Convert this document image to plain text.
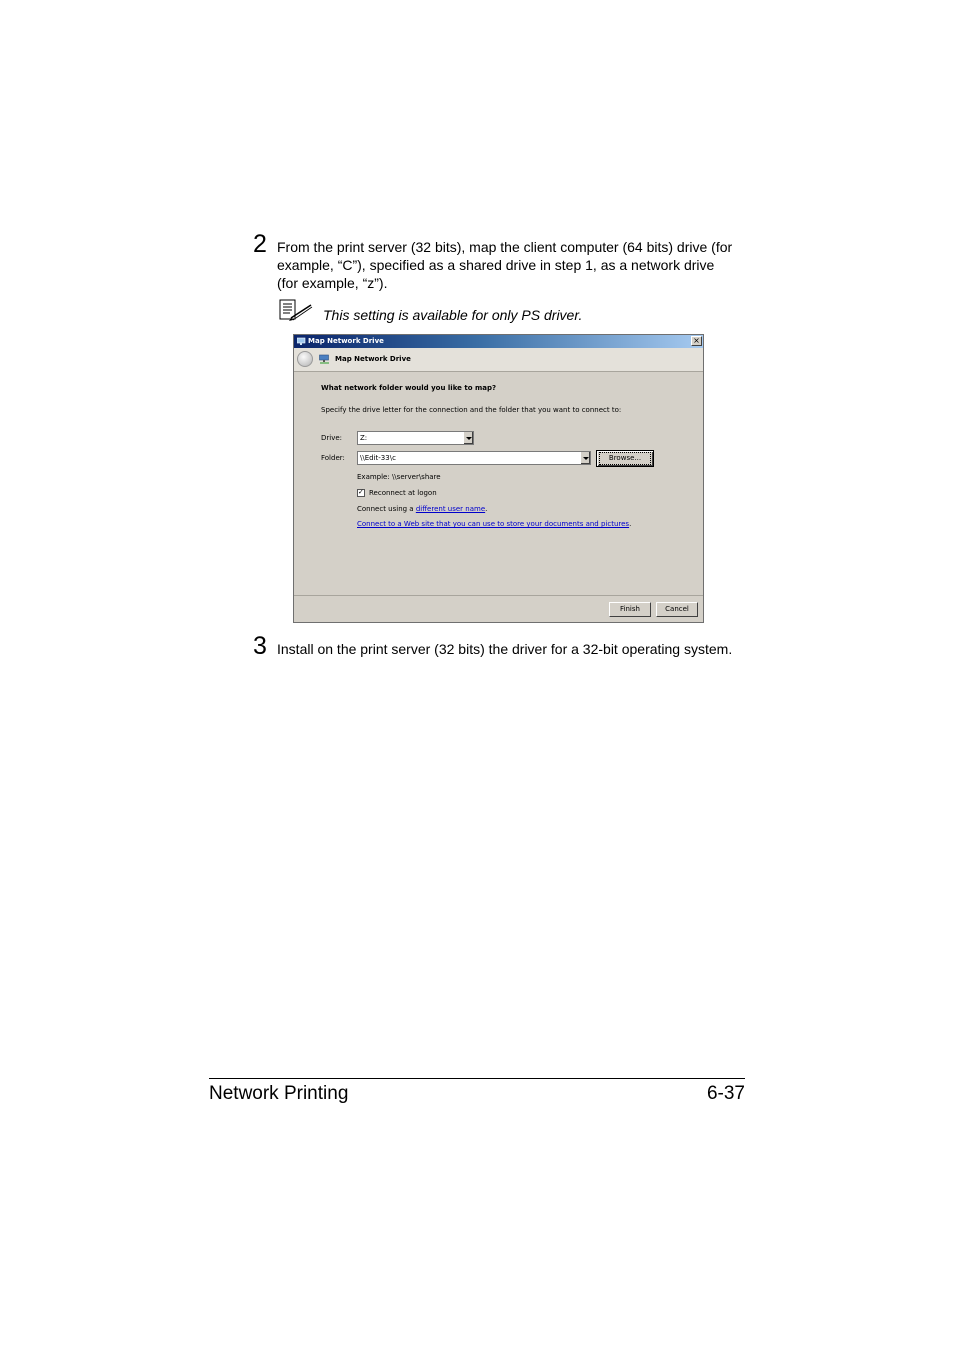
2 From the print server (32 bits), map the client computer (64 bits) drive (for
example, “C”), specified as a shared drive in step 1, as a network drive
(for example, “z”).
This setting is available for only PS driver.
Map Network Drive	×
Map Network Drive
What network folder would you like to map?
Specify the drive letter for the connection and the folder that you want to connect to:
Drive:	Z:
Folder: \\Edit-33\c	Browse...
Example: \\server\share
✓
Reconnect at logon
Connect using a different user name.
Connect to a Web site that you can use to store your documents and pictures.
Finish	Cancel
3 Install on the print server (32 bits) the driver for a 32-bit operating system.
Network Printing	6-37
